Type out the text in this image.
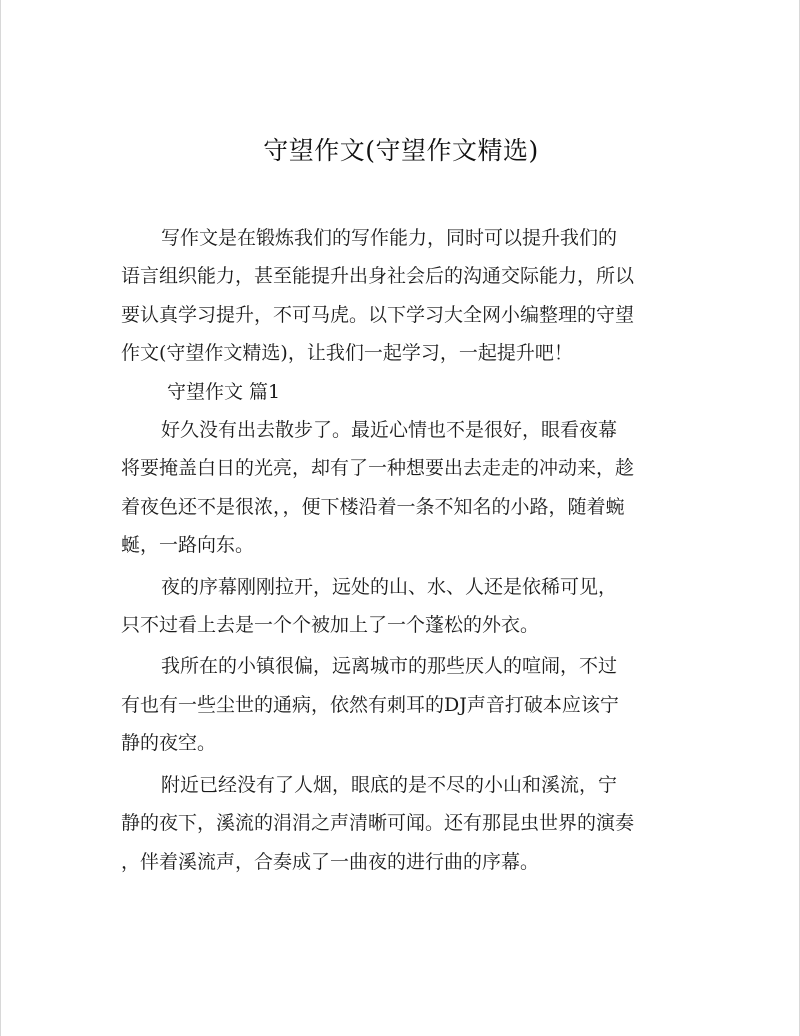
守望作文(守望作文精选)

写作文是在锻炼我们的写作能力，同时可以提升我们的
语言组织能力，甚至能提升出身社会后的沟通交际能力，所以
要认真学习提升，不可马虎。以下学习大全网小编整理的守望
作文(守望作文精选)，让我们一起学习，一起提升吧！

守望作文 篇1

好久没有出去散步了。最近心情也不是很好，眼看夜幕
将要掩盖白日的光亮，却有了一种想要出去走走的冲动来，趁
着夜色还不是很浓，，便下楼沿着一条不知名的小路，随着蜿
蜒，一路向东。

夜的序幕刚刚拉开，远处的山、水、人还是依稀可见，
只不过看上去是一个个被加上了一个蓬松的外衣。

我所在的小镇很偏，远离城市的那些厌人的喧闹，不过
有也有一些尘世的通病，依然有刺耳的DJ声音打破本应该宁
静的夜空。

附近已经没有了人烟，眼底的是不尽的小山和溪流，宁
静的夜下，溪流的涓涓之声清晰可闻。还有那昆虫世界的演奏
，伴着溪流声，合奏成了一曲夜的进行曲的序幕。
